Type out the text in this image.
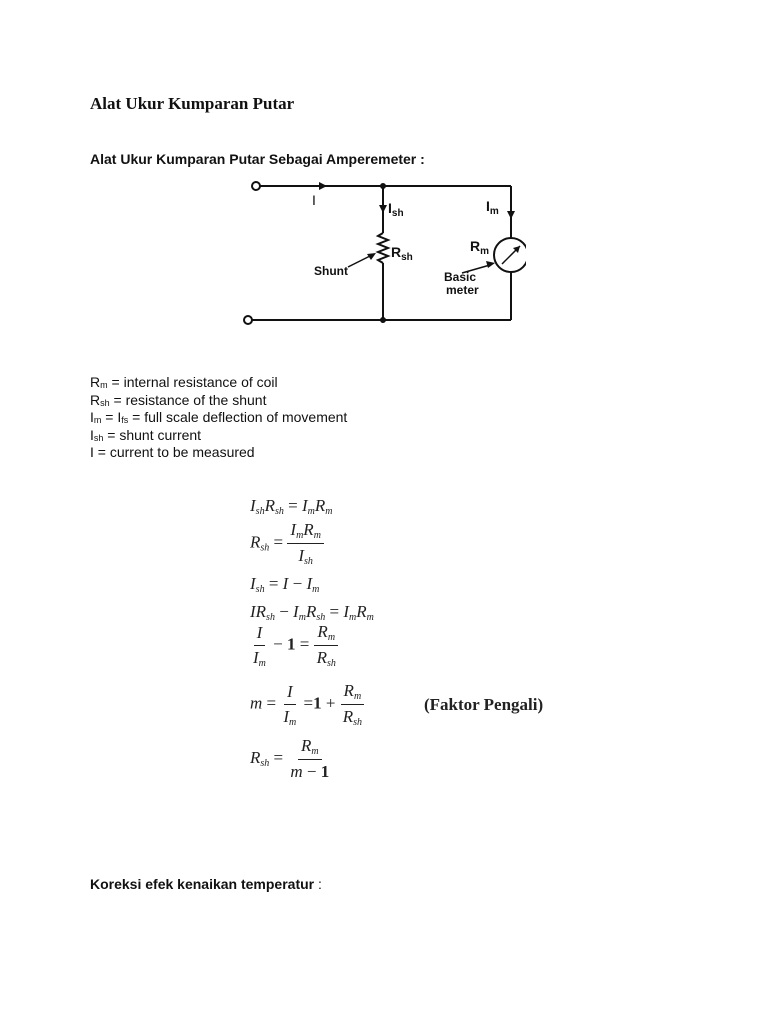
Alat Ukur Kumparan Putar
Alat Ukur Kumparan Putar Sebagai Amperemeter :
I	$I_{sh}$	$I_m$
$R_{sh}$
$R_m$
Shunt	Basic
meter
$R_m$ = internal resistance of coil
$R_{sh}$ = resistance of the shunt
$I_m = I_{fs}$ = full scale deflection of movement
$I_{sh}$ = shunt current
I = current to be measured
IshRsh = ImRm
Rsh = $\frac{\text{ImRm}}{\text{Ish}}$
Ish = I − Im
IRsh − ImRsh = ImRm
$\frac{I}{Im} - 1 = \frac{Rm}{\text{Rsh}}$
$m = \frac{I}{Im} =1 + \frac{Rm}{\text{Rsh}}$	(Faktor Pengali)
Rsh = $\frac{Rm}{m - 1}$
Koreksi efek kenaikan temperatur :
